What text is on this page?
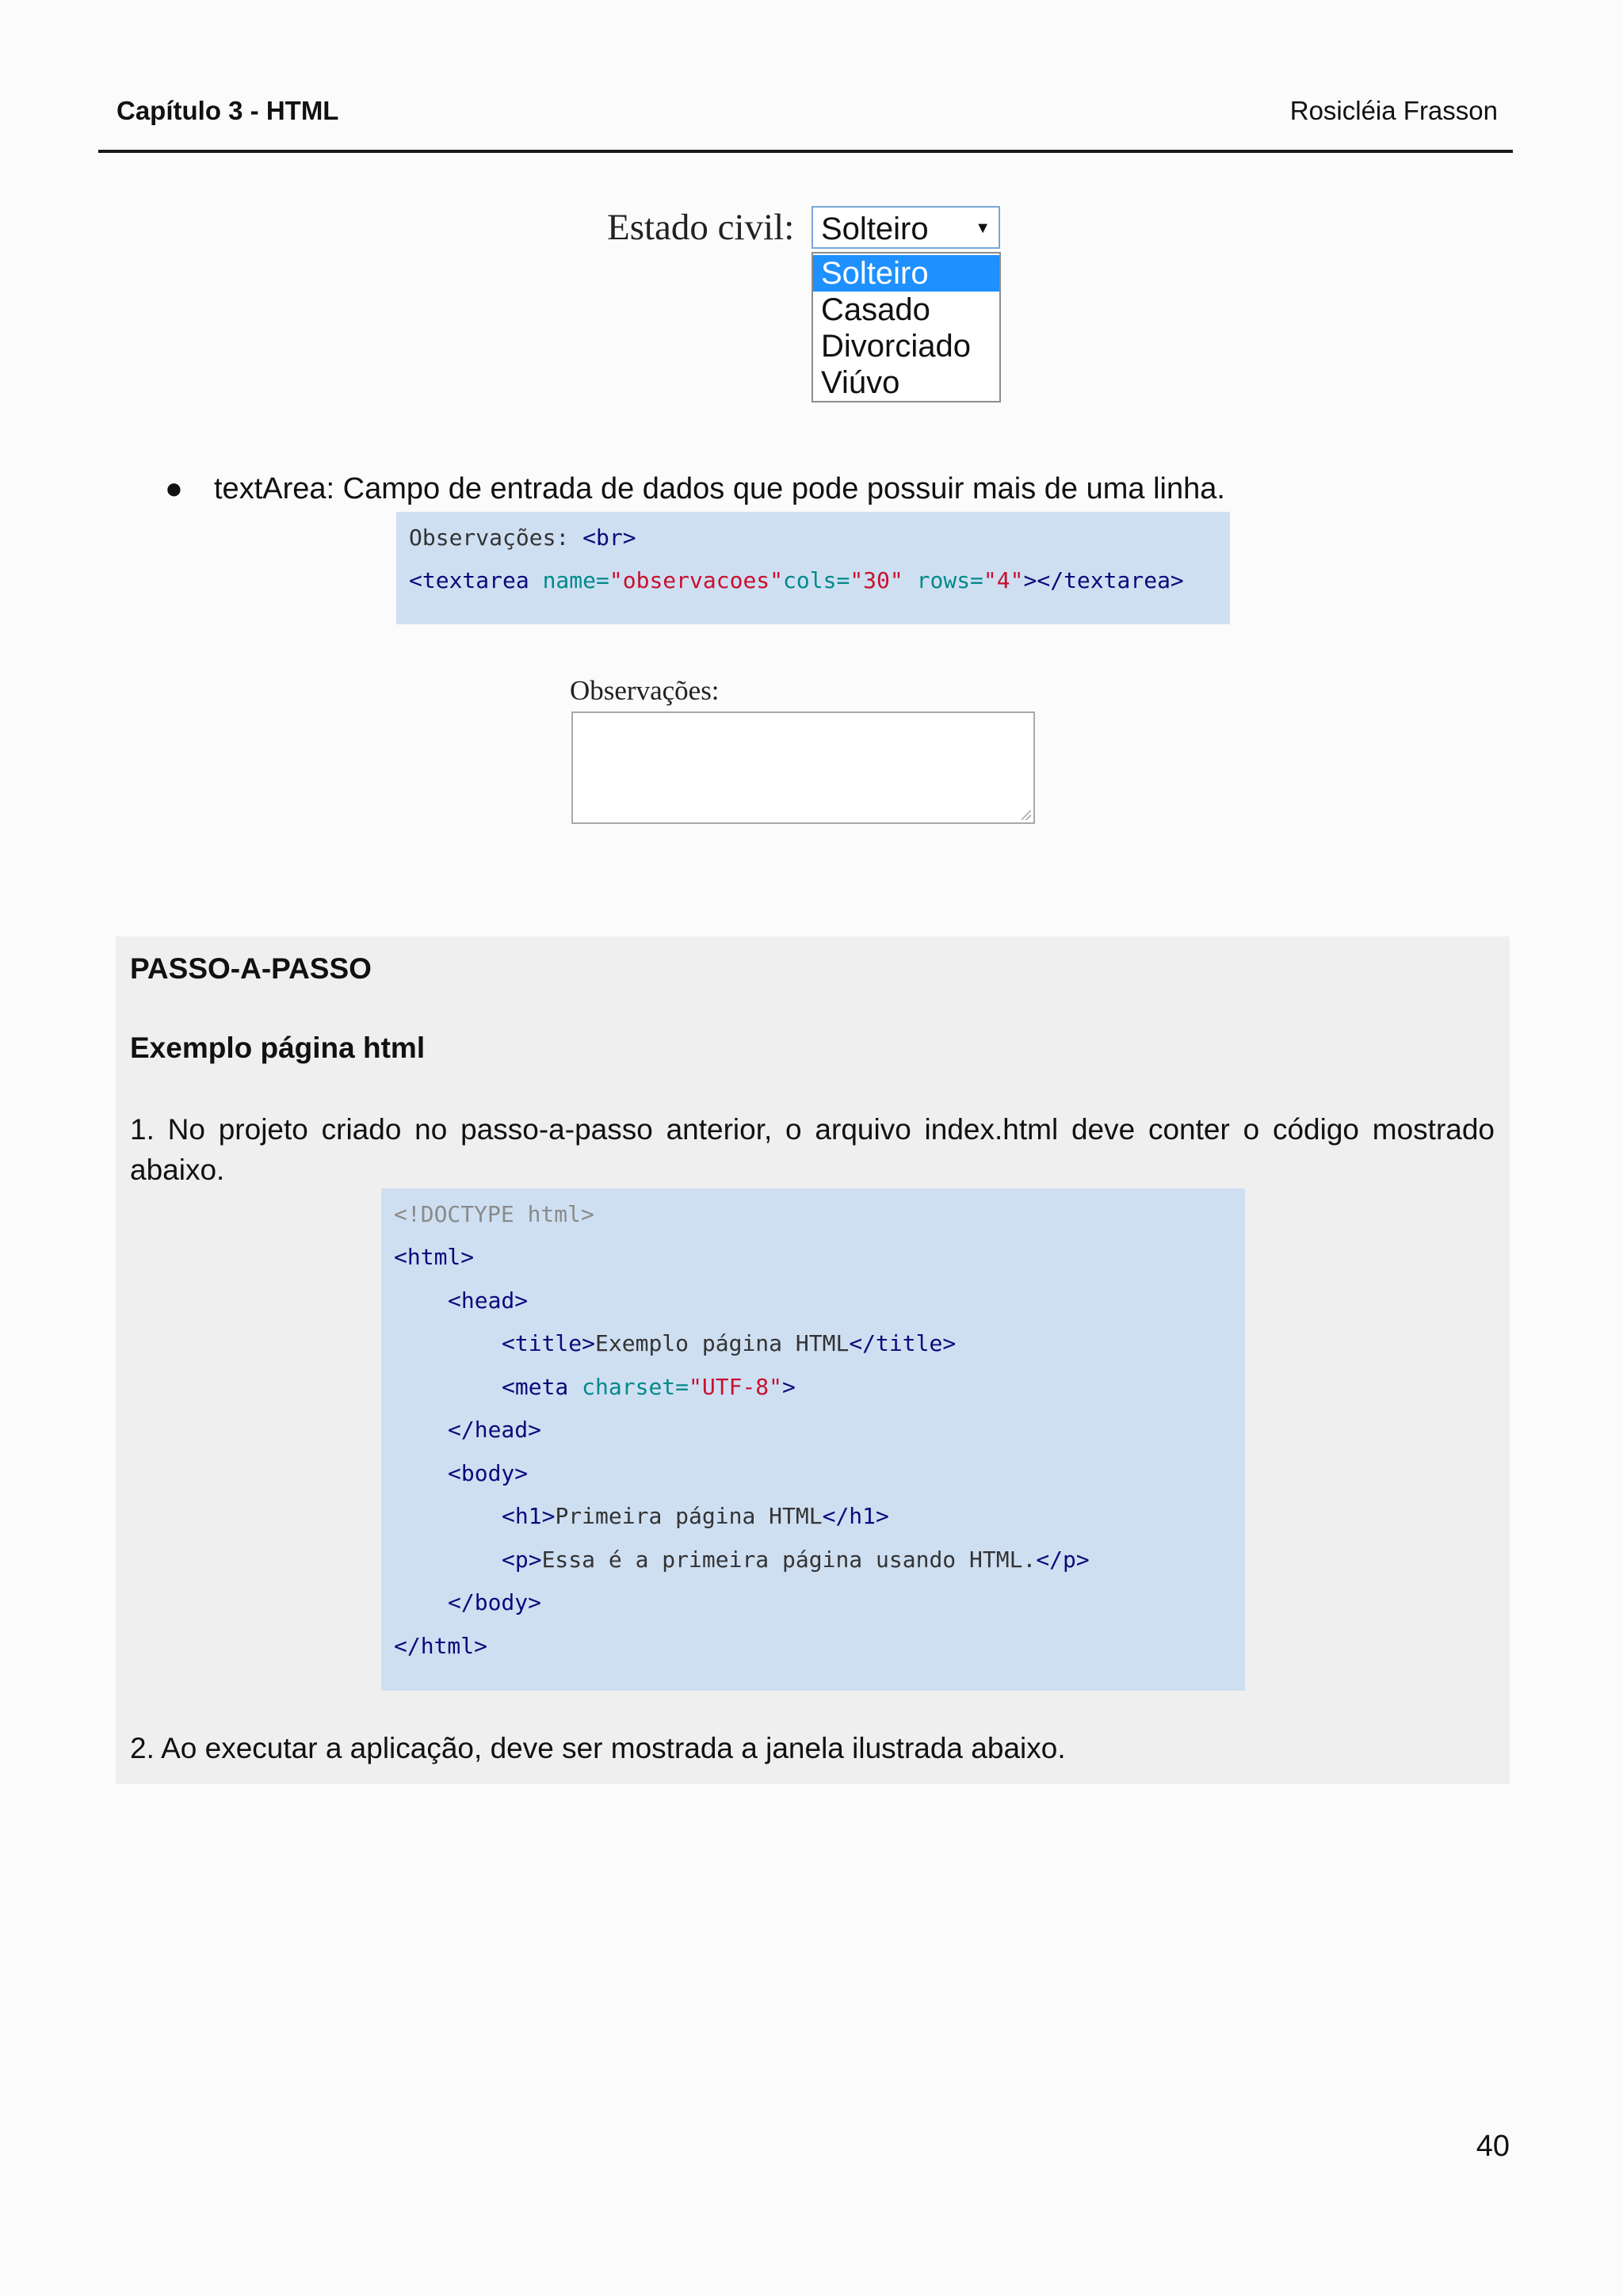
Capítulo 3 - HTML	Rosicléia Frasson
Estado civil: Solteiro	▼
Solteiro
Casado
Divorciado
Viúvo
● textArea: Campo de entrada de dados que pode possuir mais de uma linha.
Observações: <br>
<textarea name="observacoes"cols="30" rows="4"></textarea>
Observações:
PASSO-A-PASSO
Exemplo página html
1. No projeto criado no passo-a-passo anterior, o arquivo index.html deve conter o código mostrado abaixo.
<!DOCTYPE html>
<html>
<head>
<title>Exemplo página HTML</title>
<meta charset="UTF-8">
</head>
<body>
<h1>Primeira página HTML</h1>
<p>Essa é a primeira página usando HTML.</p>
</body>
</html>
2. Ao executar a aplicação, deve ser mostrada a janela ilustrada abaixo.
40
